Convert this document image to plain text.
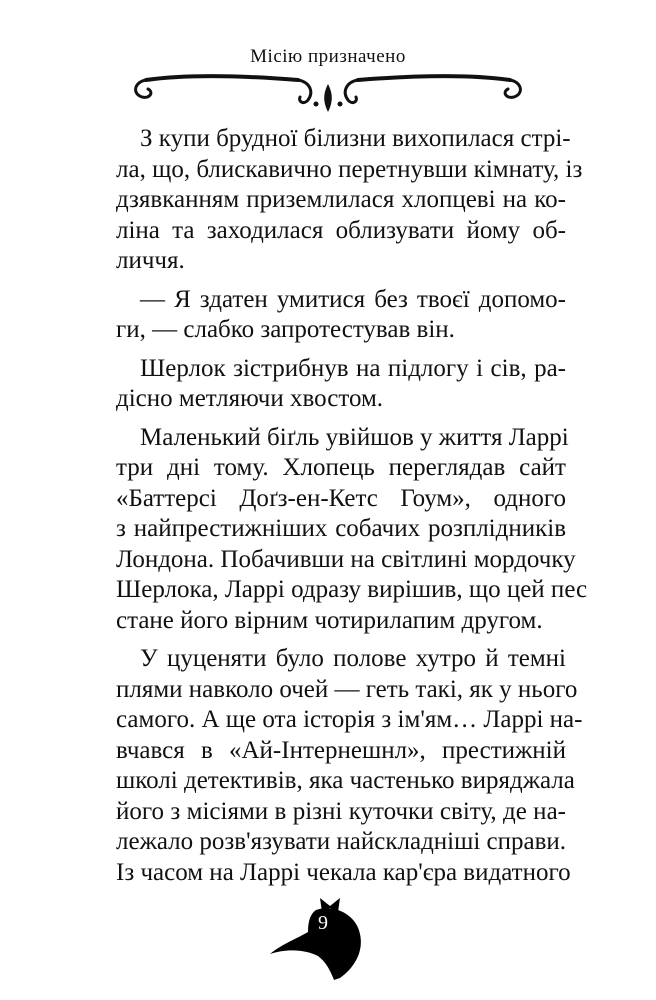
Місію призначено
З купи брудної білизни вихопилася стрі-
ла, що, блискавично перетнувши кімнату, із
дзявканням приземлилася хлопцеві на ко-
ліна та заходилася облизувати йому об-
личчя.
— Я здатен умитися без твоєї допомо-
ги, — слабко запротестував він.
Шерлок зістрибнув на підлогу і сів, ра-
дісно метляючи хвостом.
Маленький біґль увійшов у життя Ларрі
три дні тому. Хлопець переглядав сайт
«Баттерсі Доґз-ен-Кетс Гоум», одного
з найпрестижніших собачих розплідників
Лондона. Побачивши на світлині мордочку
Шерлока, Ларрі одразу вирішив, що цей пес
стане його вірним чотирилапим другом.
У цуценяти було полове хутро й темні
плями навколо очей — геть такі, як у нього
самого. А ще ота історія з ім'ям… Ларрі на-
вчався в «Ай-Інтернешнл», престижній
школі детективів, яка частенько виряджала
його з місіями в різні куточки світу, де на-
лежало розв'язувати найскладніші справи.
Із часом на Ларрі чекала кар'єра видатного
9
